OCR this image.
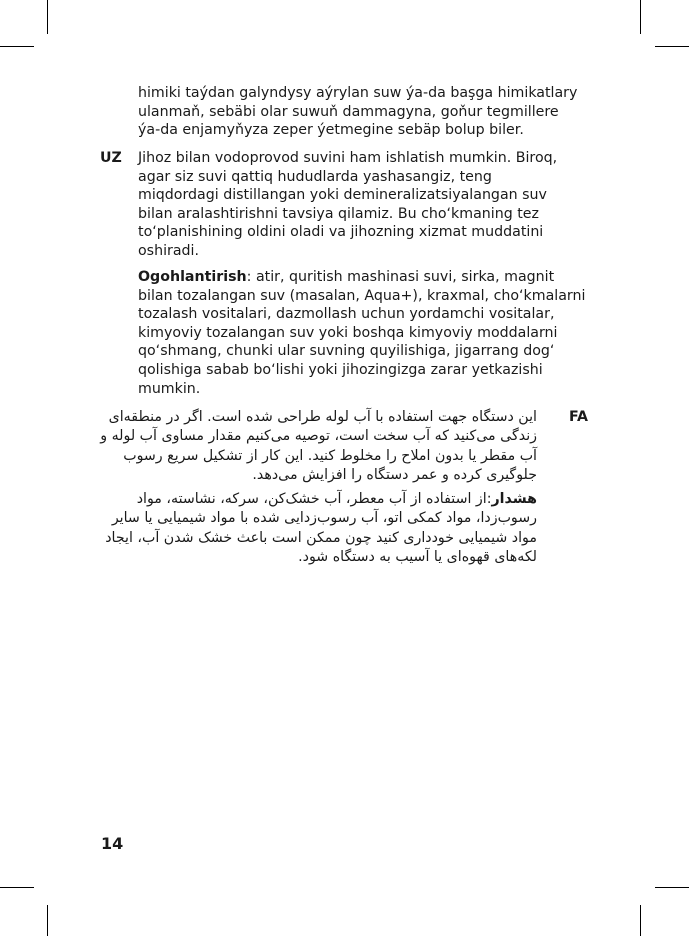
himiki taýdan galyndysy aýrylan suw ýa-da başga himikatlary ulanmaň, sebäbi olar suwuň dammagyna, goňur tegmillere ýa-da enjamyňyza zeper ýetmegine sebäp bolup biler.

UZ Jihoz bilan vodoprovod suvini ham ishlatish mumkin. Biroq, agar siz suvi qattiq hududlarda yashasangiz, teng miqdordagi distillangan yoki demineralizatsiyalangan suv bilan aralashtirishni tavsiya qilamiz. Bu cho‘kmaning tez to‘planishining oldini oladi va jihozning xizmat muddatini oshiradi.

Ogohlantirish: atir, quritish mashinasi suvi, sirka, magnit bilan tozalangan suv (masalan, Aqua+), kraxmal, cho‘kmalarni tozalash vositalari, dazmollash uchun yordamchi vositalar, kimyoviy tozalangan suv yoki boshqa kimyoviy moddalarni qo‘shmang, chunki ular suvning quyilishiga, jigarrang dog‘ qolishiga sabab bo‘lishi yoki jihozingizga zarar yetkazishi mumkin.

FA

این دستگاه جهت استفاده با آب لوله طراحی شده است. اگر در منطقه‌ای زندگی می‌کنید که آب سخت است، توصیه می‌کنیم مقدار مساوی آب لوله و آب مقطر یا بدون املاح را مخلوط کنید. این کار از تشکیل سریع رسوب جلوگیری کرده و عمر دستگاه را افزایش می‌دهد.

هشدار:از استفاده از آب معطر، آب خشک‌کن، سرکه، نشاسته، مواد رسوب‌زدا، مواد کمکی اتو، آب رسوب‌زدایی شده با مواد شیمیایی یا سایر مواد شیمیایی خودداری کنید چون ممکن است باعث خشک شدن آب، ایجاد لکه‌های قهوه‌ای یا آسیب به دستگاه شود.

14
